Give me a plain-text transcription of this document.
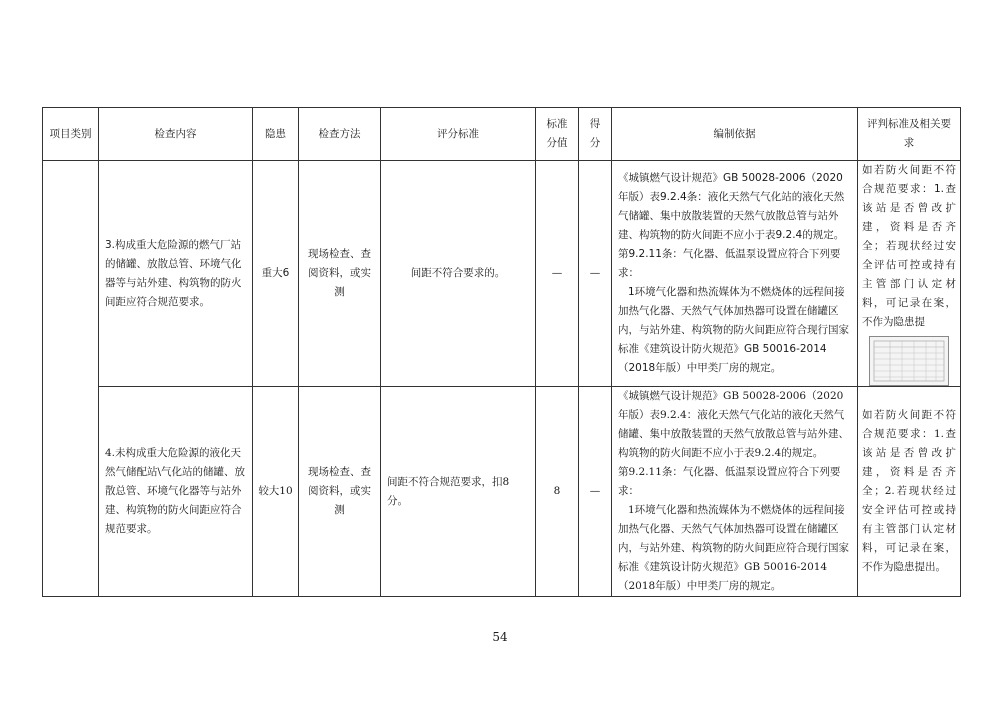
项目类别	检查内容	隐患	检查方法	评分标准	标准分值	得分	编制依据	评判标准及相关要求
	3.构成重大危险源的燃气厂站的储罐、放散总管、环境气化器等与站外建、构筑物的防火间距应符合规范要求。	重大6	现场检查、查阅资料，或实测	间距不符合要求的。	—	—	《城镇燃气设计规范》GB 50028-2006（2020年版）表9.2.4条：液化天然气气化站的液化天然气储罐、集中放散装置的天然气放散总管与站外建、构筑物的防火间距不应小于表9.2.4的规定。

第9.2.11条：气化器、低温泵设置应符合下列要求：

1环境气化器和热流媒体为不燃烧体的远程间接加热气化器、天然气气体加热器可设置在储罐区内，与站外建、构筑物的防火间距应符合现行国家标准《建筑设计防火规范》GB 50016-2014（2018年版）中甲类厂房的规定。	如若防火间距不符合规范要求：1.查该站是否曾改扩建，资料是否齐全；若现状经过安全评估可控或持有主管部门认定材料，可记录在案，不作为隐患提

	4.未构成重大危险源的液化天然气储配站\气化站的储罐、放散总管、环境气化器等与站外建、构筑物的防火间距应符合规范要求。	较大10	现场检查、查阅资料，或实测	间距不符合规范要求，扣8分。	8	—	《城镇燃气设计规范》GB 50028-2006（2020年版）表9.2.4：液化天然气气化站的液化天然气储罐、集中放散装置的天然气放散总管与站外建、构筑物的防火间距不应小于表9.2.4的规定。

第9.2.11条：气化器、低温泵设置应符合下列要求：

1环境气化器和热流媒体为不燃烧体的远程间接加热气化器、天然气气体加热器可设置在储罐区内，与站外建、构筑物的防火间距应符合现行国家标准《建筑设计防火规范》GB 50016-2014（2018年版）中甲类厂房的规定。	如若防火间距不符合规范要求：1.查该站是否曾改扩建，资料是否齐全；2.若现状经过安全评估可控或持有主管部门认定材料，可记录在案，不作为隐患提出。
54
